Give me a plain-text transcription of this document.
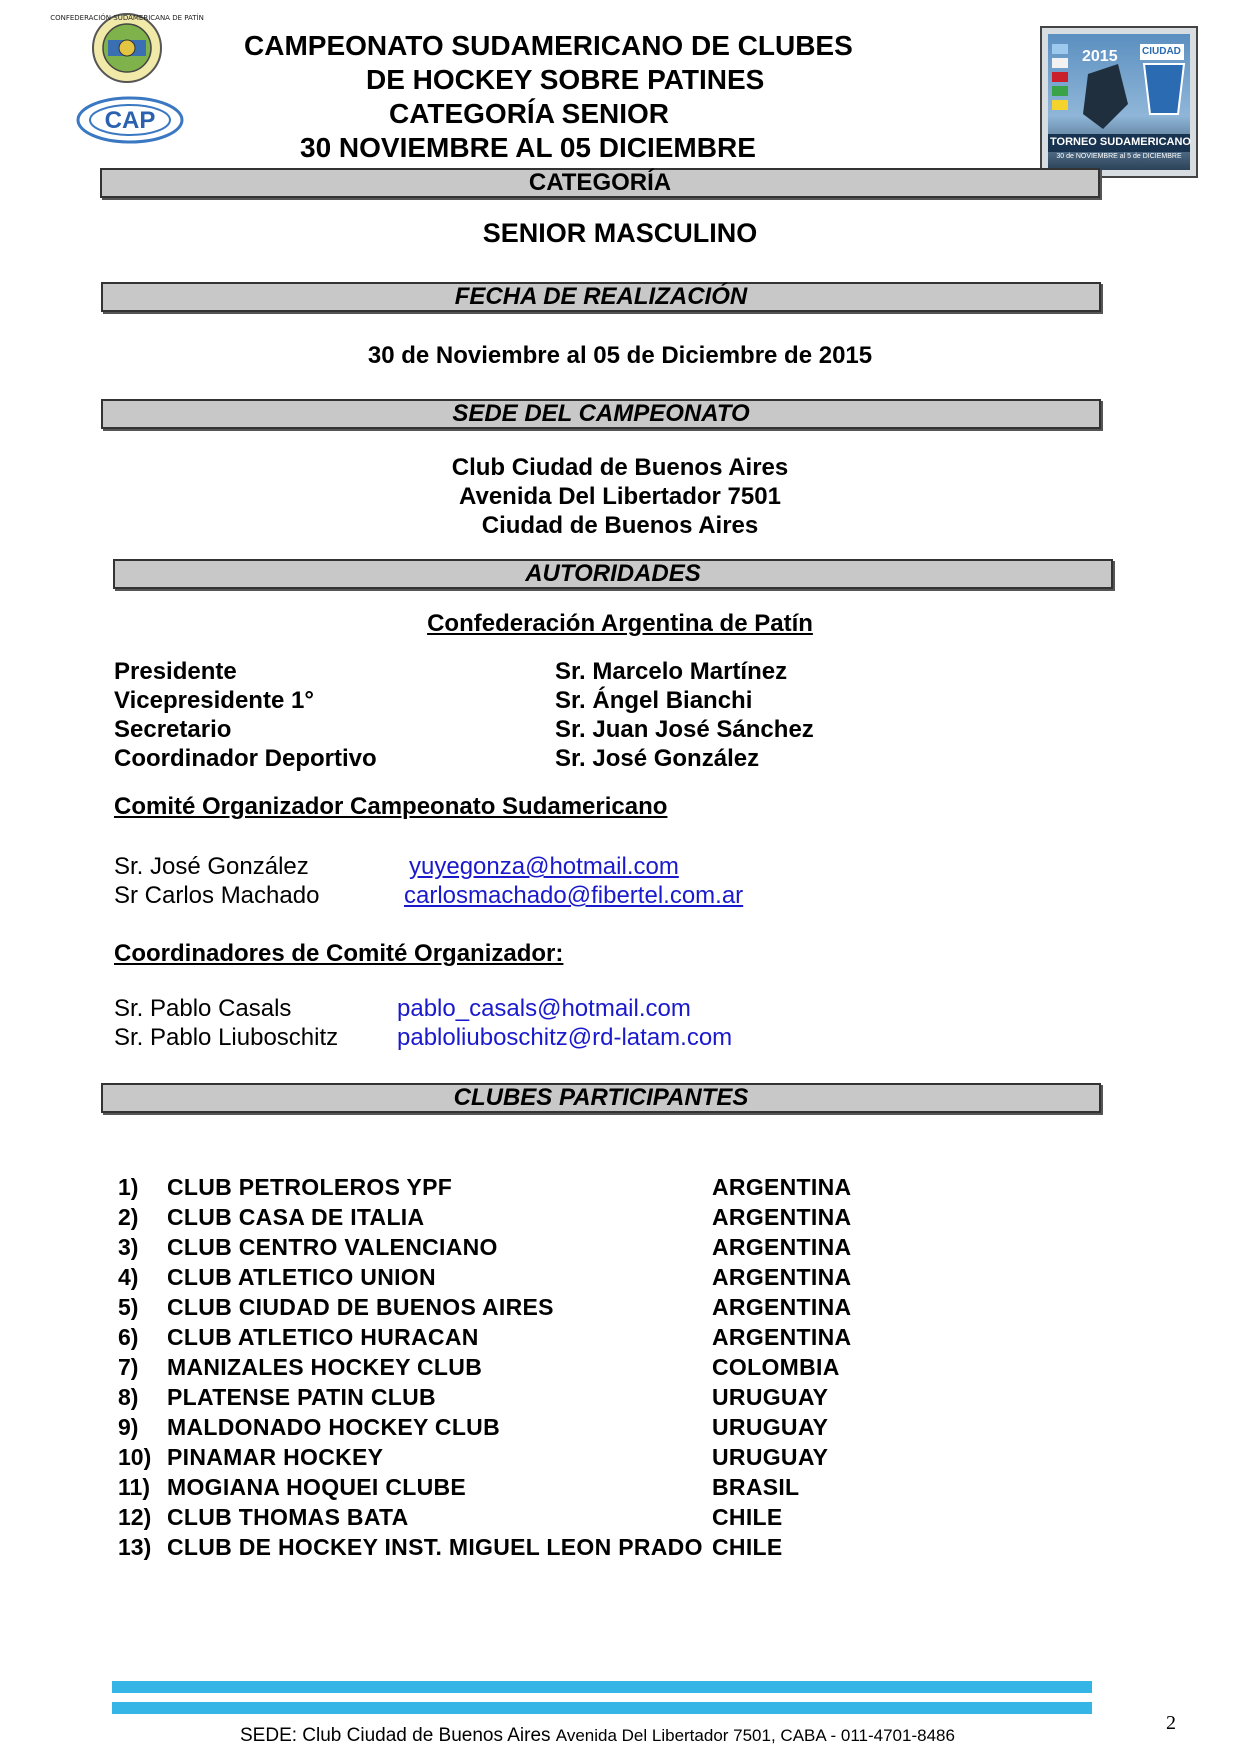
CONFEDERACIÓN SUDAMERICANA DE PATÍN
CAP
CAMPEONATO SUDAMERICANO DE CLUBES
DE HOCKEY SOBRE PATINES
CATEGORÍA SENIOR
30 NOVIEMBRE AL 05 DICIEMBRE
2015 CIUDAD
TORNEO SUDAMERICANO
30 de NOVIEMBRE al 5 de DICIEMBRE
CATEGORÍA
SENIOR MASCULINO
FECHA DE REALIZACIÓN
30 de Noviembre al 05 de Diciembre de 2015
SEDE DEL CAMPEONATO
Club Ciudad de Buenos Aires
Avenida Del Libertador 7501
Ciudad de Buenos Aires
AUTORIDADES
Confederación Argentina de Patín
Presidente	Sr. Marcelo Martínez
Vicepresidente 1°	Sr. Ángel Bianchi
Secretario	Sr. Juan José Sánchez
Coordinador Deportivo	Sr. José González
Comité Organizador Campeonato Sudamericano
Sr. José González	yuyegonza@hotmail.com
Sr Carlos Machado	carlosmachado@fibertel.com.ar
Coordinadores de Comité Organizador:
Sr. Pablo Casals	pablo_casals@hotmail.com
Sr. Pablo Liuboschitz pabloliuboschitz@rd-latam.com
CLUBES PARTICIPANTES
1) CLUB PETROLEROS YPF	ARGENTINA
2) CLUB CASA DE ITALIA	ARGENTINA
3) CLUB CENTRO VALENCIANO	ARGENTINA
4) CLUB ATLETICO UNION	ARGENTINA
5) CLUB CIUDAD DE BUENOS AIRES	ARGENTINA
6) CLUB ATLETICO HURACAN	ARGENTINA
7) MANIZALES HOCKEY CLUB	COLOMBIA
8) PLATENSE PATIN CLUB	URUGUAY
9) MALDONADO HOCKEY CLUB	URUGUAY
10) PINAMAR HOCKEY	URUGUAY
11) MOGIANA HOQUEI CLUBE	BRASIL
12) CLUB THOMAS BATA	CHILE
13) CLUB DE HOCKEY INST. MIGUEL LEON PRADO CHILE
SEDE: Club Ciudad de Buenos Aires Avenida Del Libertador 7501, CABA - 011-4701-8486
2
